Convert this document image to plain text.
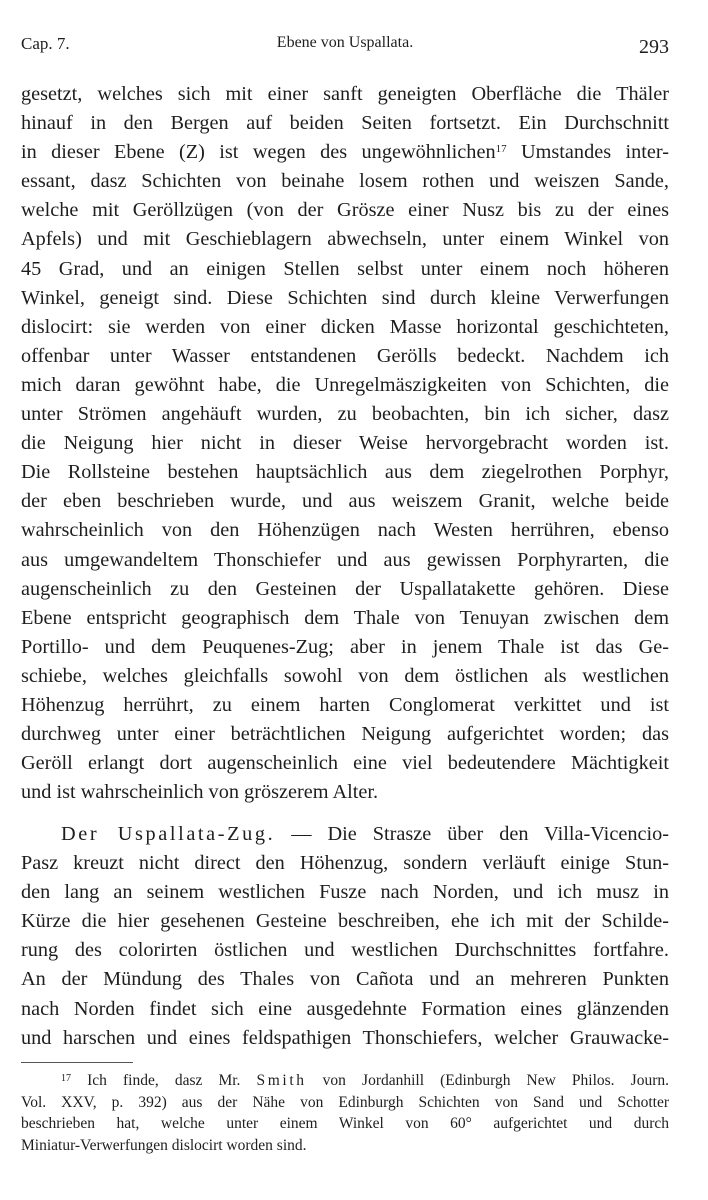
Cap. 7.	Ebene von Uspallata.	293
gesetzt, welches sich mit einer sanft geneigten Oberfläche die Thäler
hinauf in den Bergen auf beiden Seiten fortsetzt. Ein Durchschnitt
in dieser Ebene (Z) ist wegen des ungewöhnlichen$^{17}$ Umstandes inter-
essant, dasz Schichten von beinahe losem rothen und weiszen Sande,
welche mit Geröllzügen (von der Grösze einer Nusz bis zu der eines
Apfels) und mit Geschieblagern abwechseln, unter einem Winkel von
45 Grad, und an einigen Stellen selbst unter einem noch höheren
Winkel, geneigt sind. Diese Schichten sind durch kleine Verwerfungen
dislocirt: sie werden von einer dicken Masse horizontal geschichteten,
offenbar unter Wasser entstandenen Gerölls bedeckt. Nachdem ich
mich daran gewöhnt habe, die Unregelmäszigkeiten von Schichten, die
unter Strömen angehäuft wurden, zu beobachten, bin ich sicher, dasz
die Neigung hier nicht in dieser Weise hervorgebracht worden ist.
Die Rollsteine bestehen hauptsächlich aus dem ziegelrothen Porphyr,
der eben beschrieben wurde, und aus weiszem Granit, welche beide
wahrscheinlich von den Höhenzügen nach Westen herrühren, ebenso
aus umgewandeltem Thonschiefer und aus gewissen Porphyrarten, die
augenscheinlich zu den Gesteinen der Uspallatakette gehören. Diese
Ebene entspricht geographisch dem Thale von Tenuyan zwischen dem
Portillo- und dem Peuquenes-Zug; aber in jenem Thale ist das Ge-
schiebe, welches gleichfalls sowohl von dem östlichen als westlichen
Höhenzug herrührt, zu einem harten Conglomerat verkittet und ist
durchweg unter einer beträchtlichen Neigung aufgerichtet worden; das
Geröll erlangt dort augenscheinlich eine viel bedeutendere Mächtigkeit
und ist wahrscheinlich von gröszerem Alter.
Der Uspallata-Zug. — Die Strasze über den Villa-Vicencio-
Pasz kreuzt nicht direct den Höhenzug, sondern verläuft einige Stun-
den lang an seinem westlichen Fusze nach Norden, und ich musz in
Kürze die hier gesehenen Gesteine beschreiben, ehe ich mit der Schilde-
rung des colorirten östlichen und westlichen Durchschnittes fortfahre.
An der Mündung des Thales von Cañota und an mehreren Punkten
nach Norden findet sich eine ausgedehnte Formation eines glänzenden
und harschen und eines feldspathigen Thonschiefers, welcher Grauwacke-
$^{17}$ Ich finde, dasz Mr. Smith von Jordanhill (Edinburgh New Philos. Journ.
Vol. XXV, p. 392) aus der Nähe von Edinburgh Schichten von Sand und Schotter
beschrieben hat, welche unter einem Winkel von 60° aufgerichtet und durch
Miniatur-Verwerfungen dislocirt worden sind.
